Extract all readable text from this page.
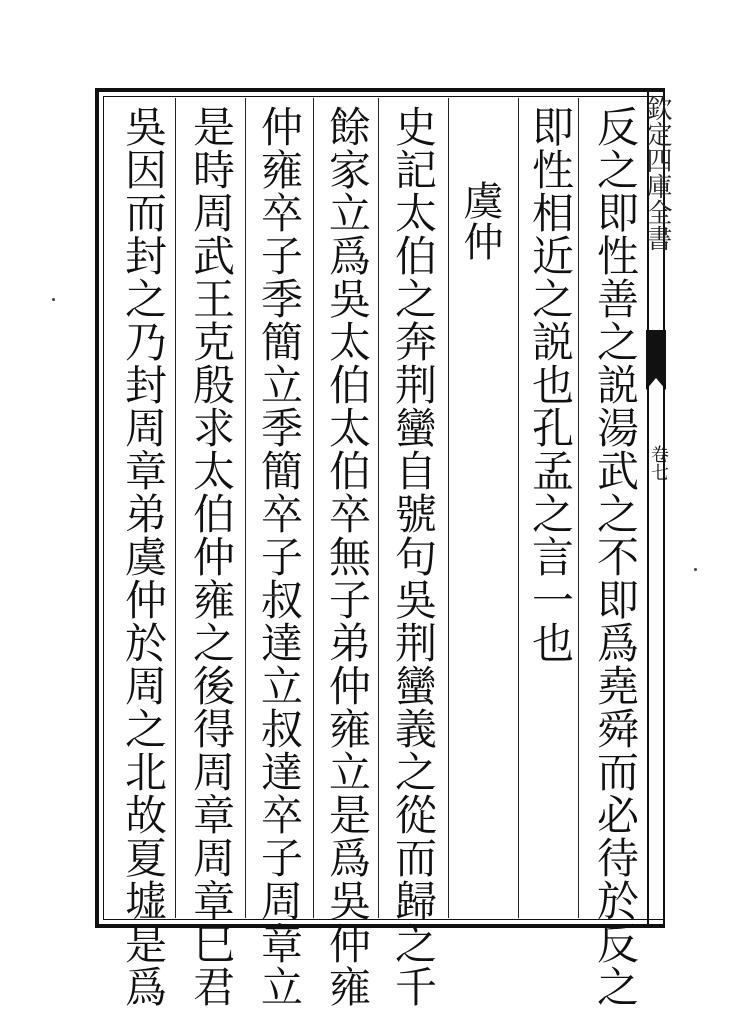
欽定四庫全書
卷七
反之即性善之説湯武之不即爲堯舜而必待於反之
即性相近之説也孔孟之言一也
虞仲
史記太伯之奔荆蠻自號句吳荆蠻義之從而歸之千
餘家立爲吳太伯太伯卒無子弟仲雍立是爲吳仲雍
仲雍卒子季簡立季簡卒子叔達立叔達卒子周章立
是時周武王克殷求太伯仲雍之後得周章周章巳君
吳因而封之乃封周章弟虞仲於周之北故夏墟是爲
